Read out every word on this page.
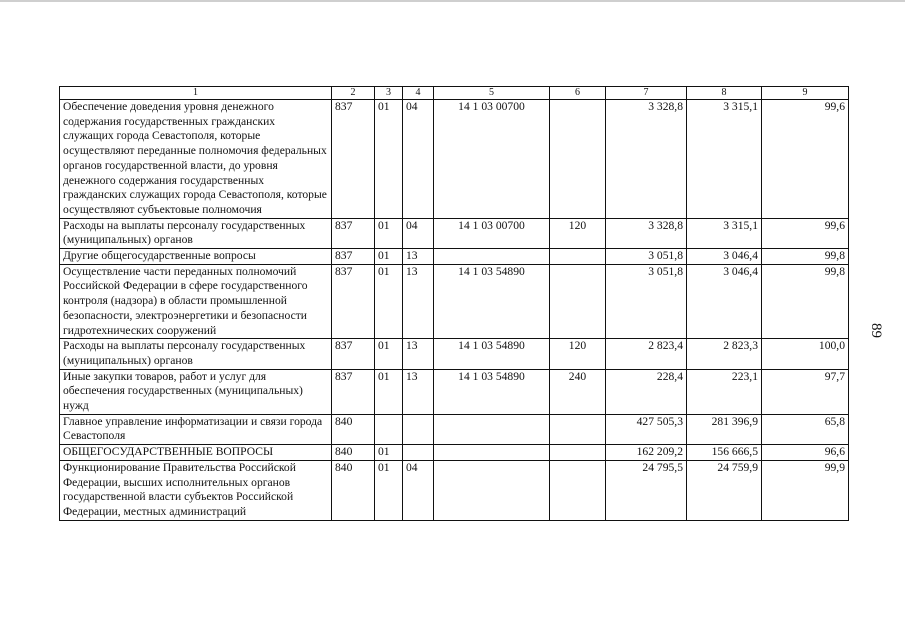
1	2	3	4	5	6	7	8	9
Обеспечение доведения уровня денежного содержания государственных гражданских служащих города Севастополя, которые осуществляют переданные полномочия федеральных органов государственной власти, до уровня денежного содержания государственных гражданских служащих города Севастополя, которые осуществляют субъектовые полномочия	837	01	04	14 1 03 00700		3 328,8	3 315,1	99,6
Расходы на выплаты персоналу государственных (муниципальных) органов	837	01	04	14 1 03 00700	120	3 328,8	3 315,1	99,6
Другие общегосударственные вопросы	837	01	13			3 051,8	3 046,4	99,8
Осуществление части переданных полномочий Российской Федерации в сфере государственного контроля (надзора) в области промышленной безопасности, электроэнергетики и безопасности гидротехнических сооружений	837	01	13	14 1 03 54890		3 051,8	3 046,4	99,8
Расходы на выплаты персоналу государственных (муниципальных) органов	837	01	13	14 1 03 54890	120	2 823,4	2 823,3	100,0
Иные закупки товаров, работ и услуг для обеспечения государственных (муниципальных) нужд	837	01	13	14 1 03 54890	240	228,4	223,1	97,7
Главное управление информатизации и связи города Севастополя	840					427 505,3	281 396,9	65,8
ОБЩЕГОСУДАРСТВЕННЫЕ ВОПРОСЫ	840	01				162 209,2	156 666,5	96,6
Функционирование Правительства Российской Федерации, высших исполнительных органов государственной власти субъектов Российской Федерации, местных администраций	840	01	04			24 795,5	24 759,9	99,9
89
